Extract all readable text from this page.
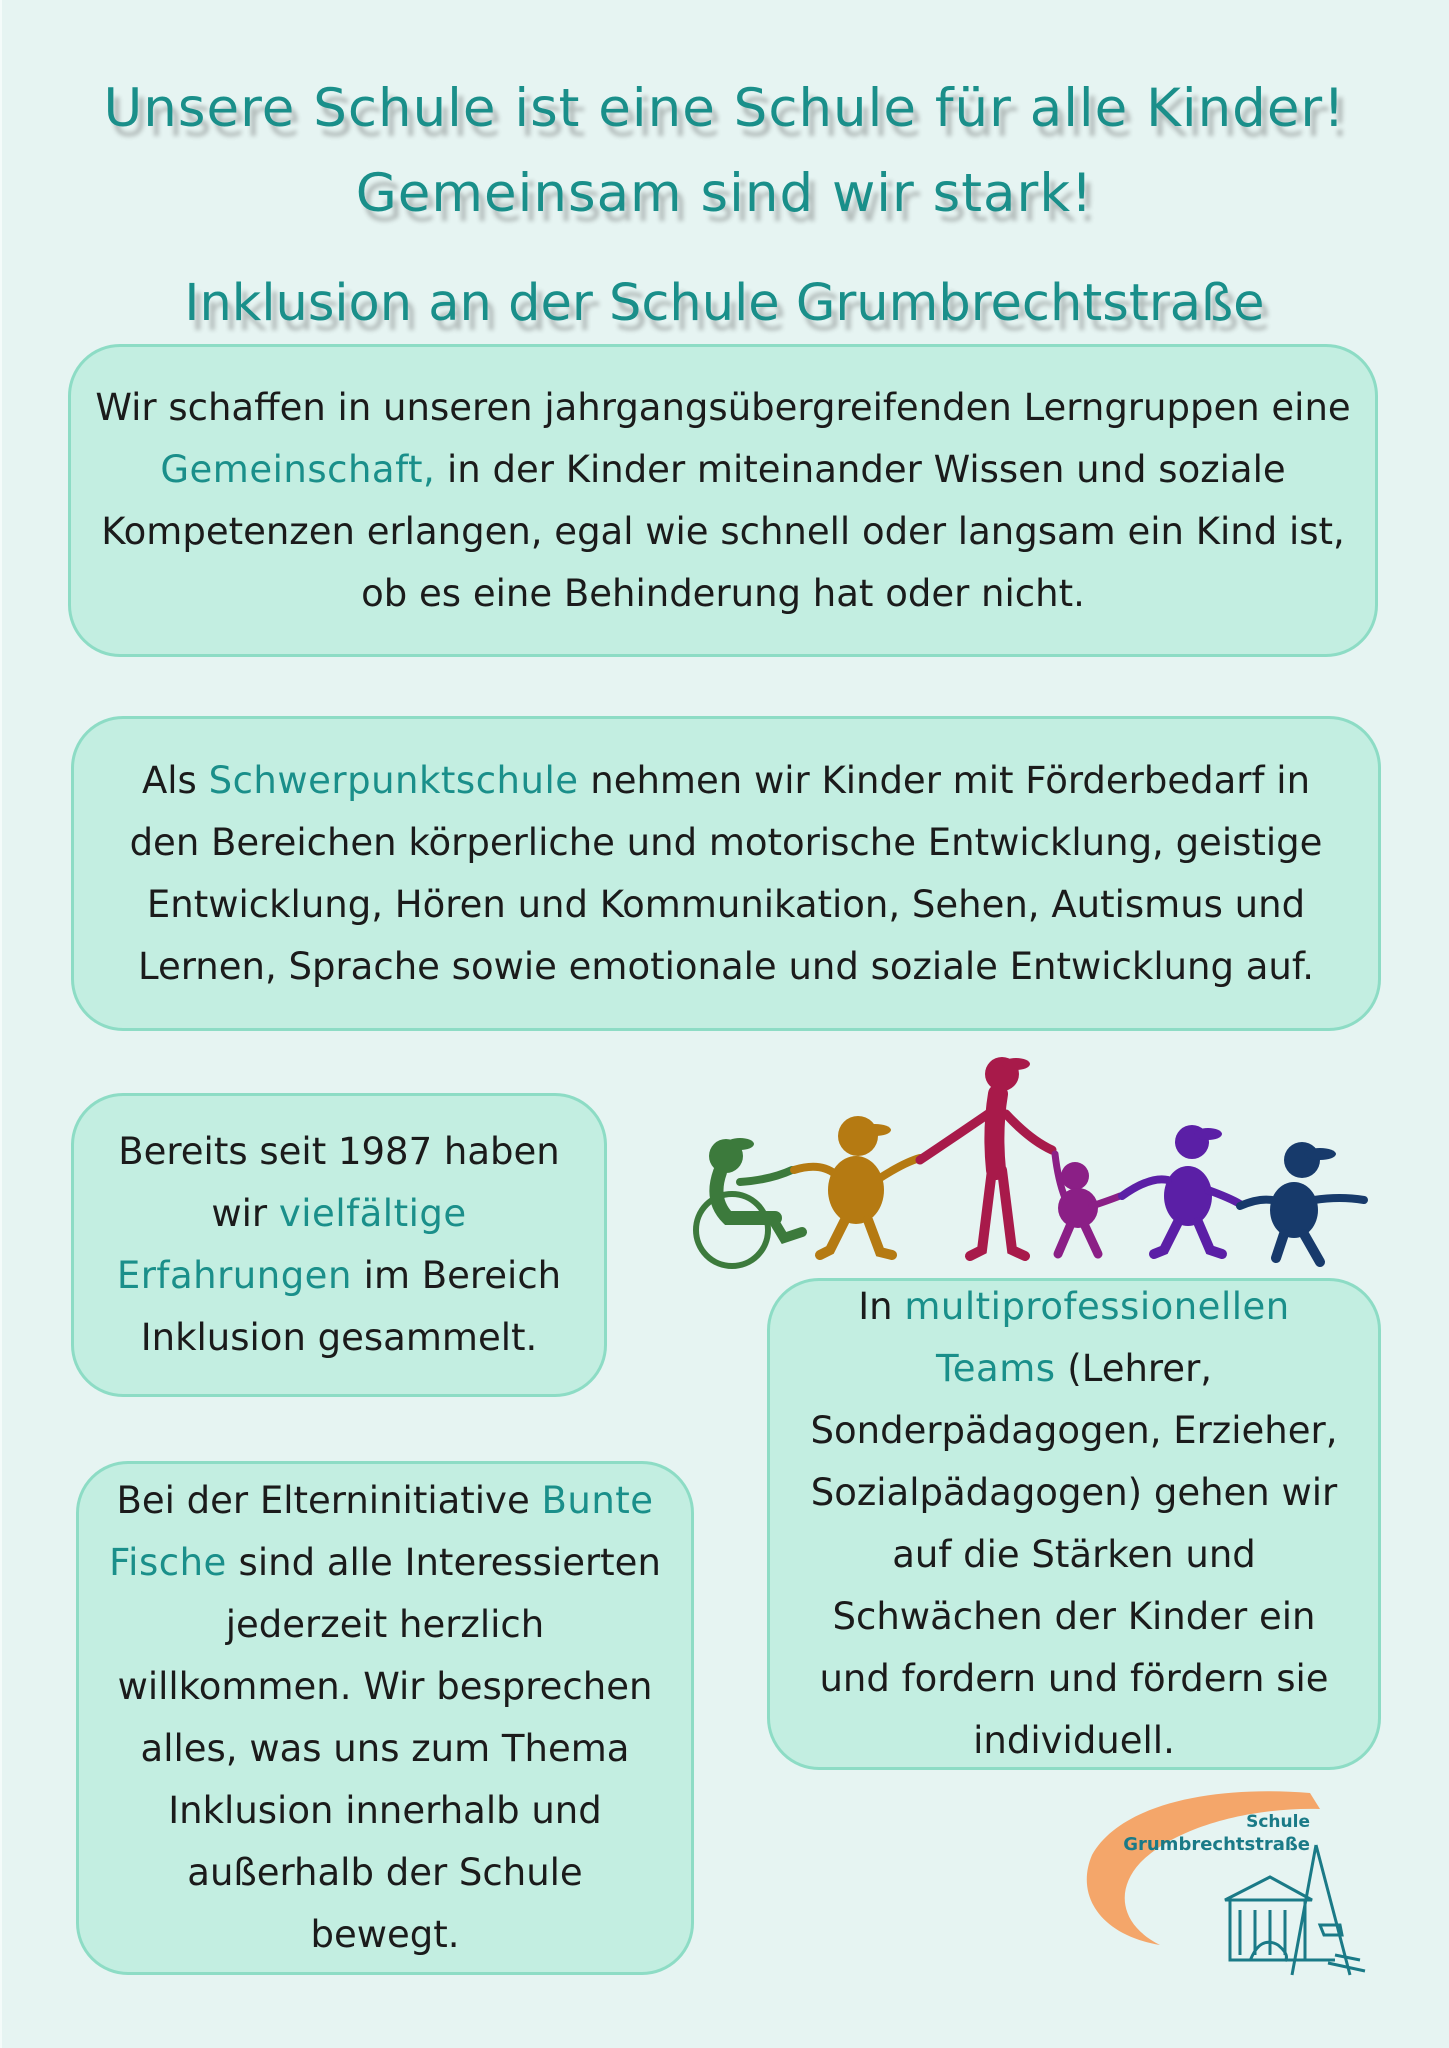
Unsere Schule ist eine Schule für alle Kinder!
Gemeinsam sind wir stark!
Inklusion an der Schule Grumbrechtstraße

Wir schaffen in unseren jahrgangsübergreifenden Lerngruppen eine Gemeinschaft, in der Kinder miteinander Wissen und soziale Kompetenzen erlangen, egal wie schnell oder langsam ein Kind ist, ob es eine Behinderung hat oder nicht.

Als Schwerpunktschule nehmen wir Kinder mit Förderbedarf in den Bereichen körperliche und motorische Entwicklung, geistige Entwicklung, Hören und Kommunikation, Sehen, Autismus und Lernen, Sprache sowie emotionale und soziale Entwicklung auf.

Bereits seit 1987 haben wir vielfältige Erfahrungen im Bereich Inklusion gesammelt.

Bei der Elterninitiative Bunte Fische sind alle Interessierten jederzeit herzlich willkommen. Wir besprechen alles, was uns zum Thema Inklusion innerhalb und außerhalb der Schule bewegt.

In multiprofessionellen Teams (Lehrer, Sonderpädagogen, Erzieher, Sozialpädagogen) gehen wir auf die Stärken und Schwächen der Kinder ein und fordern und fördern sie individuell.

Schule
Grumbrechtstraße
